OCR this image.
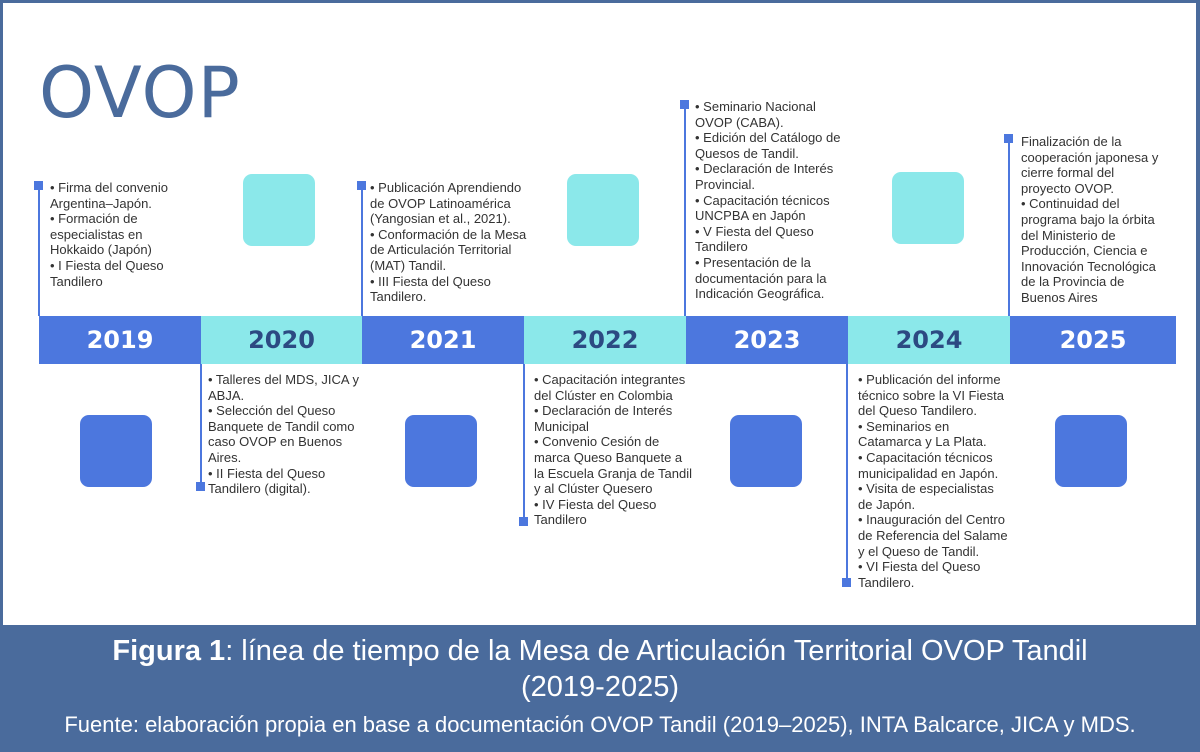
OVOP
• Firma del convenio
Argentina–Japón.
• Formación de
especialistas en
Hokkaido (Japón)
• I Fiesta del Queso
Tandilero
• Talleres del MDS, JICA y
ABJA.
• Selección del Queso
Banquete de Tandil como
caso OVOP en Buenos
Aires.
• II Fiesta del Queso
Tandilero (digital).
• Publicación Aprendiendo
de OVOP Latinoamérica
(Yangosian et al., 2021).
• Conformación de la Mesa
de Articulación Territorial
(MAT) Tandil.
• III Fiesta del Queso
Tandilero.
• Capacitación integrantes
del Clúster en Colombia
• Declaración de Interés
Municipal
• Convenio Cesión de
marca Queso Banquete a
la Escuela Granja de Tandil
y al Clúster Quesero
• IV Fiesta del Queso
Tandilero
• Seminario Nacional
OVOP (CABA).
• Edición del Catálogo de
Quesos de Tandil.
• Declaración de Interés
Provincial.
• Capacitación técnicos
UNCPBA en Japón
• V Fiesta del Queso
Tandilero
• Presentación de la
documentación para la
Indicación Geográfica.
• Publicación del informe
técnico sobre la VI Fiesta
del Queso Tandilero.
• Seminarios en
Catamarca y La Plata.
• Capacitación técnicos
municipalidad en Japón.
• Visita de especialistas
de Japón.
• Inauguración del Centro
de Referencia del Salame
y el Queso de Tandil.
• VI Fiesta del Queso
Tandilero.
Finalización de la
cooperación japonesa y
cierre formal del
proyecto OVOP.
• Continuidad del
programa bajo la órbita
del Ministerio de
Producción, Ciencia e
Innovación Tecnológica
de la Provincia de
Buenos Aires
2019	2020	2021	2022	2023	2024	2025
Figura 1: línea de tiempo de la Mesa de Articulación Territorial OVOP Tandil
(2019-2025)
Fuente: elaboración propia en base a documentación OVOP Tandil (2019–2025), INTA Balcarce, JICA y MDS.
